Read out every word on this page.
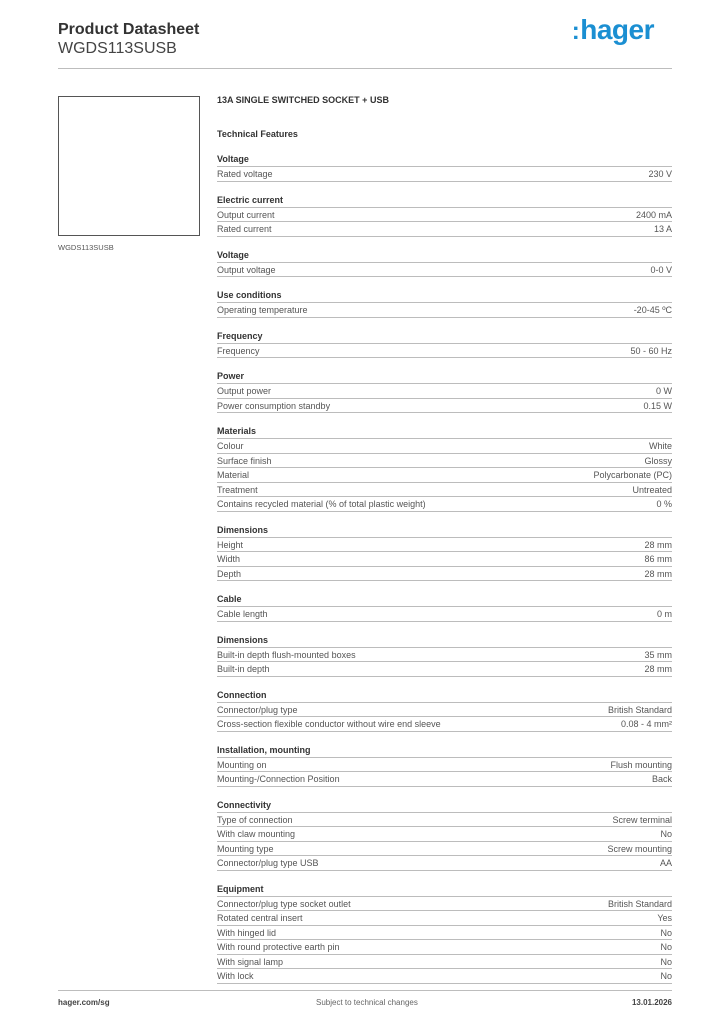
Product Datasheet
WGDS113SUSB
:hager
WGDS113SUSB
13A SINGLE SWITCHED SOCKET + USB
Technical Features
Voltage
Rated voltage	230 V
Electric current
Output current	2400 mA
Rated current	13 A
Voltage
Output voltage	0-0 V
Use conditions
Operating temperature	-20-45 ºC
Frequency
Frequency	50 - 60 Hz
Power
Output power	0 W
Power consumption standby	0.15 W
Materials
Colour	White
Surface finish	Glossy
Material	Polycarbonate (PC)
Treatment	Untreated
Contains recycled material (% of total plastic weight)	0 %
Dimensions
Height	28 mm
Width	86 mm
Depth	28 mm
Cable
Cable length	0 m
Dimensions
Built-in depth flush-mounted boxes	35 mm
Built-in depth	28 mm
Connection
Connector/plug type	British Standard
Cross-section flexible conductor without wire end sleeve	0.08 - 4 mm²
Installation, mounting
Mounting on	Flush mounting
Mounting-/Connection Position	Back
Connectivity
Type of connection	Screw terminal
With claw mounting	No
Mounting type	Screw mounting
Connector/plug type USB	AA
Equipment
Connector/plug type socket outlet	British Standard
Rotated central insert	Yes
With hinged lid	No
With round protective earth pin	No
With signal lamp	No
With lock	No
hager.com/sg	Subject to technical changes	13.01.2026
